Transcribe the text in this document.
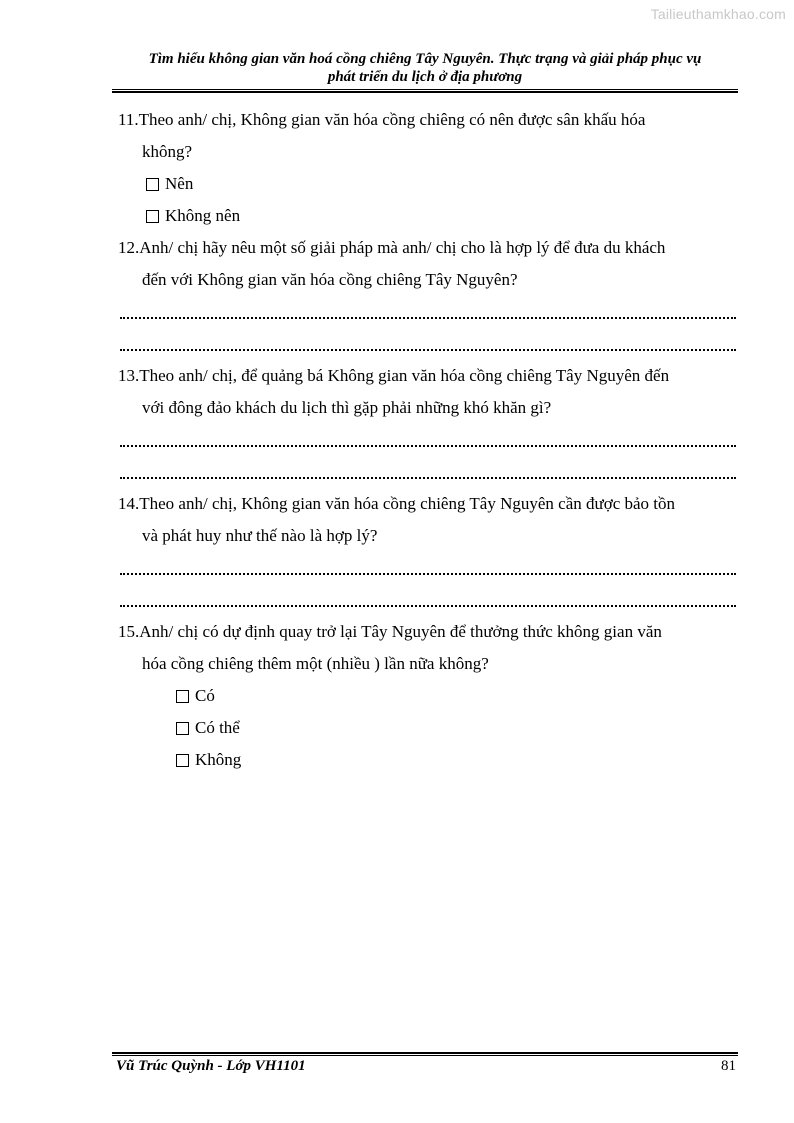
Tailieuthamkhao.com
Tìm hiểu không gian văn hoá cồng chiêng Tây Nguyên. Thực trạng và giải pháp phục vụ
phát triển du lịch ở địa phương
11.Theo anh/ chị, Không gian văn hóa cồng chiêng có nên được sân khấu hóa
không?
Nên
Không nên
12.Anh/ chị hãy nêu một số giải pháp mà anh/ chị cho là hợp lý để đưa du khách
đến với Không gian văn hóa cồng chiêng Tây Nguyên?
13.Theo anh/ chị, để quảng bá Không gian văn hóa cồng chiêng Tây Nguyên đến
với đông đảo khách du lịch thì gặp phải những khó khăn gì?
14.Theo anh/ chị, Không gian văn hóa cồng chiêng Tây Nguyên cần được bảo tồn
và phát huy như thế nào là hợp lý?
15.Anh/ chị có dự định quay trở lại Tây Nguyên để thưởng thức không gian văn
hóa cồng chiêng thêm một (nhiều ) lần nữa không?
Có
Có thể
Không
Vũ Trúc Quỳnh - Lớp VH1101	81
